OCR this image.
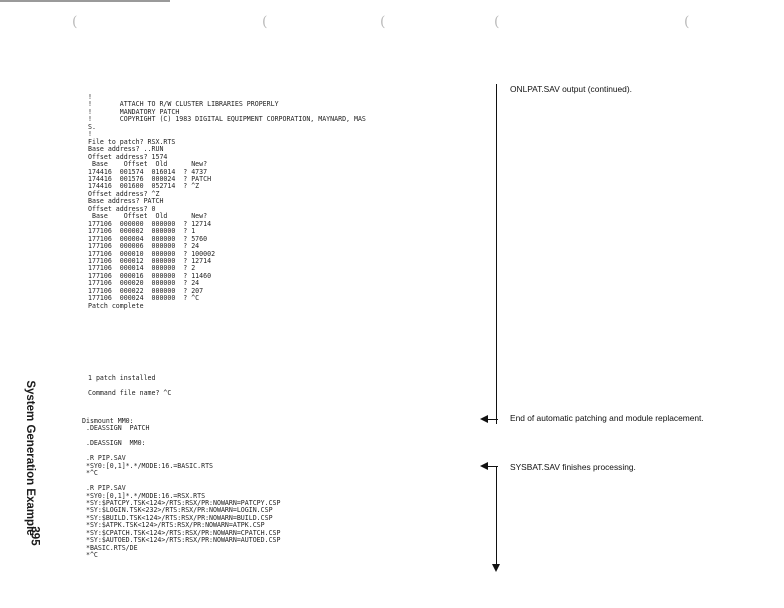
(	(	(	(	(
System Generation Example
395
!
!       ATTACH TO R/W CLUSTER LIBRARIES PROPERLY
!       MANDATORY PATCH
!       COPYRIGHT (C) 1983 DIGITAL EQUIPMENT CORPORATION, MAYNARD, MAS
S.
!
File to patch? RSX.RTS
Base address? ..RUN
Offset address? 1574
Base    Offset  Old      New?
174416  001574  016014  ? 4737
174416  001576  000024  ? PATCH
174416  001600  052714  ? ^Z
Offset address? ^Z
Base address? PATCH
Offset address? 0
Base    Offset  Old      New?
177106  000000  000000  ? 12714
177106  000002  000000  ? 1
177106  000004  000000  ? 5760
177106  000006  000000  ? 24
177106  000010  000000  ? 100002
177106  000012  000000  ? 12714
177106  000014  000000  ? 2
177106  000016  000000  ? 11460
177106  000020  000000  ? 24
177106  000022  000000  ? 207
177106  000024  000000  ? ^C
Patch complete
1 patch installed

Command file name? ^C
Dismount MM0:
.DEASSIGN  PATCH

.DEASSIGN  MM0:

.R PIP.SAV
*SY0:[0,1]*.*/MODE:16.=BASIC.RTS
*^C

.R PIP.SAV
*SY0:[0,1]*.*/MODE:16.=RSX.RTS
*SY:$PATCPY.TSK<124>/RTS:RSX/PR:NOWARN=PATCPY.CSP
*SY:$LOGIN.TSK<232>/RTS:RSX/PR:NOWARN=LOGIN.CSP
*SY:$BUILD.TSK<124>/RTS:RSX/PR:NOWARN=BUILD.CSP
*SY:$ATPK.TSK<124>/RTS:RSX/PR:NOWARN=ATPK.CSP
*SY:$CPATCH.TSK<124>/RTS:RSX/PR:NOWARN=CPATCH.CSP
*SY:$AUTOED.TSK<124>/RTS:RSX/PR:NOWARN=AUTOED.CSP
*BASIC.RTS/DE
*^C
ONLPAT.SAV output (continued).
End of automatic patching and module replacement.
SYSBAT.SAV finishes processing.
